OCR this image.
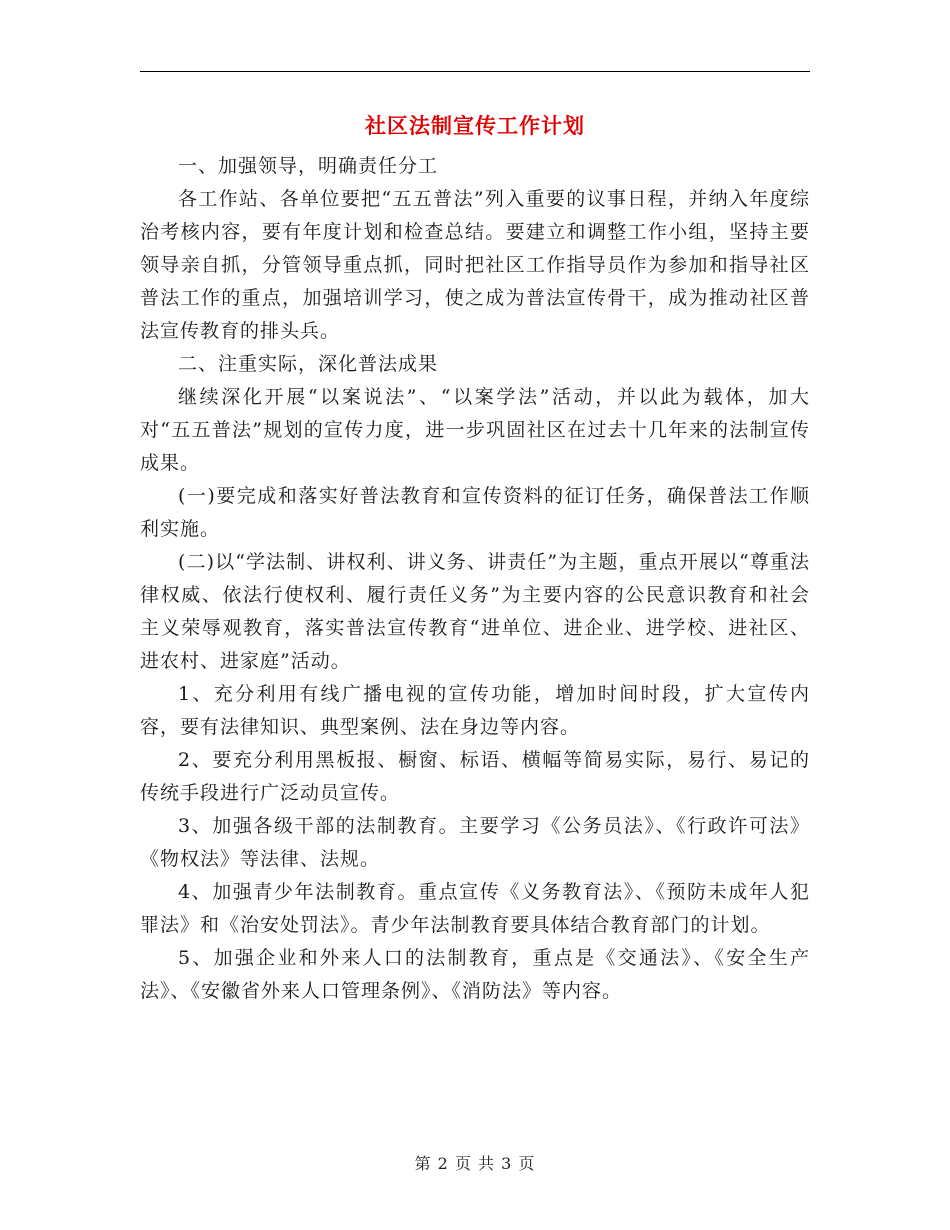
社区法制宣传工作计划

一、加强领导，明确责任分工

各工作站、各单位要把“五五普法”列入重要的议事日程，并纳入年度综治考核内容，要有年度计划和检查总结。要建立和调整工作小组，坚持主要领导亲自抓，分管领导重点抓，同时把社区工作指导员作为参加和指导社区普法工作的重点，加强培训学习，使之成为普法宣传骨干，成为推动社区普法宣传教育的排头兵。

二、注重实际，深化普法成果

继续深化开展“以案说法”、“以案学法”活动，并以此为载体，加大对“五五普法”规划的宣传力度，进一步巩固社区在过去十几年来的法制宣传成果。

(一)要完成和落实好普法教育和宣传资料的征订任务，确保普法工作顺利实施。

(二)以“学法制、讲权利、讲义务、讲责任”为主题，重点开展以“尊重法律权威、依法行使权利、履行责任义务”为主要内容的公民意识教育和社会主义荣辱观教育，落实普法宣传教育“进单位、进企业、进学校、进社区、进农村、进家庭”活动。

1、充分利用有线广播电视的宣传功能，增加时间时段，扩大宣传内容，要有法律知识、典型案例、法在身边等内容。

2、要充分利用黑板报、橱窗、标语、横幅等简易实际，易行、易记的传统手段进行广泛动员宣传。

3、加强各级干部的法制教育。主要学习《公务员法》、《行政许可法》《物权法》等法律、法规。

4、加强青少年法制教育。重点宣传《义务教育法》、《预防未成年人犯罪法》和《治安处罚法》。青少年法制教育要具体结合教育部门的计划。

5、加强企业和外来人口的法制教育，重点是《交通法》、《安全生产法》、《安徽省外来人口管理条例》、《消防法》等内容。

第 2 页 共 3 页
